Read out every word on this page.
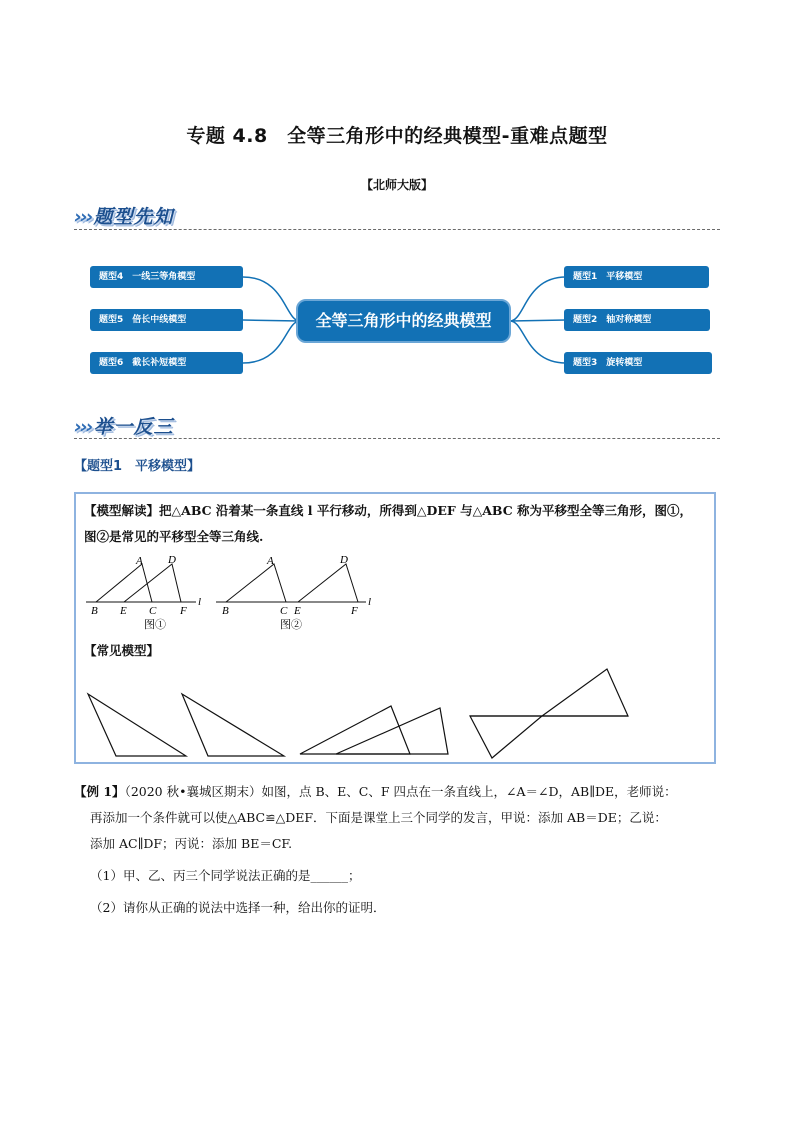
专题 4.8　全等三角形中的经典模型-重难点题型
【北师大版】
››› 题型先知
题型4　一线三等角模型
题型5　倍长中线模型
题型6　截长补短模型
全等三角形中的经典模型
题型1　平移模型
题型2　轴对称模型
题型3　旋转模型
››› 举一反三
【题型1　平移模型】
【模型解读】把△ABC 沿着某一条直线 l 平行移动，所得到△DEF 与△ABC 称为平移型全等三角形，图①，
图②是常见的平移型全等三角线.
A D
B E C F
l
图①
A	D
B	C E	F
l
图②
【常见模型】
【例 1】（2020 秋•襄城区期末）如图，点 B、E、C、F 四点在一条直线上，∠A＝∠D，AB∥DE，老师说：
再添加一个条件就可以使△ABC≌△DEF．下面是课堂上三个同学的发言，甲说：添加 AB＝DE；乙说：
添加 AC∥DF；丙说：添加 BE＝CF.
（1）甲、乙、丙三个同学说法正确的是______；
（2）请你从正确的说法中选择一种，给出你的证明．
